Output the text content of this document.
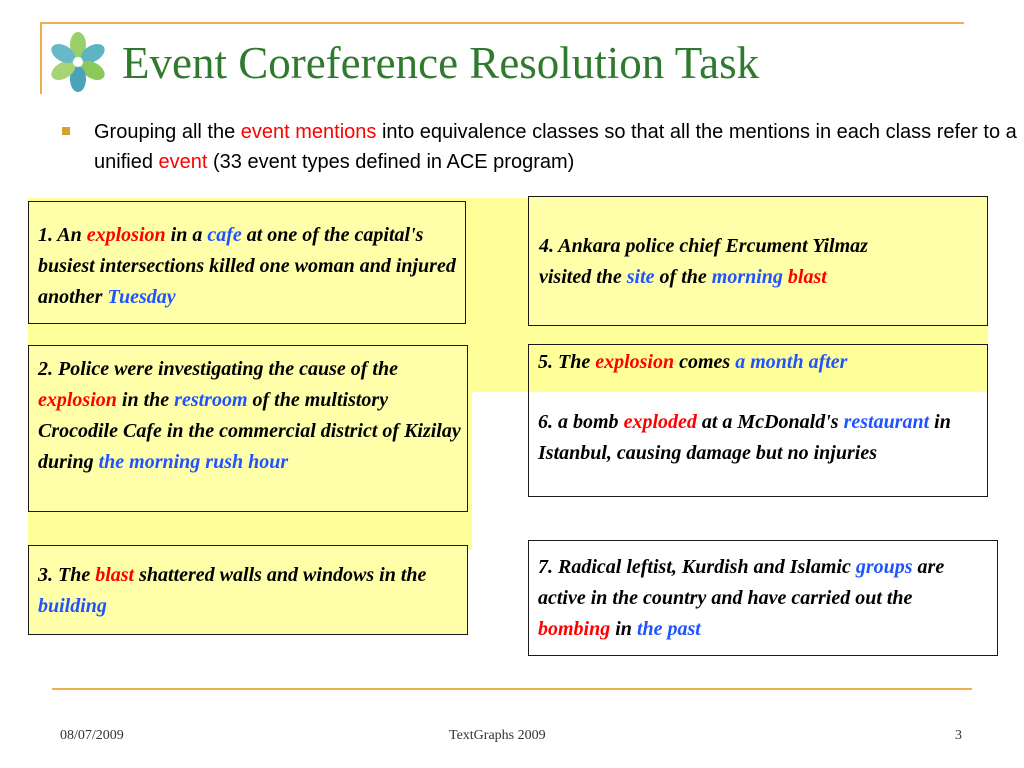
Event Coreference Resolution Task
Grouping all the event mentions into equivalence classes so that all the mentions in each class refer to a unified event (33 event types defined in ACE program)

1. An explosion in a cafe at one of the capital's busiest intersections killed one woman and injured another Tuesday

2. Police were investigating the cause of the explosion in the restroom of the multistory Crocodile Cafe in the commercial district of Kizilay during the morning rush hour

3. The blast shattered walls and windows in the building

4. Ankara police chief Ercument Yilmaz
visited the site of the morning blast

5. The explosion comes a month after

6. a bomb exploded at a McDonald's restaurant in Istanbul, causing damage but no injuries

7. Radical leftist, Kurdish and Islamic groups are active in the country and have carried out the bombing in the past

08/07/2009	TextGraphs 2009	3
